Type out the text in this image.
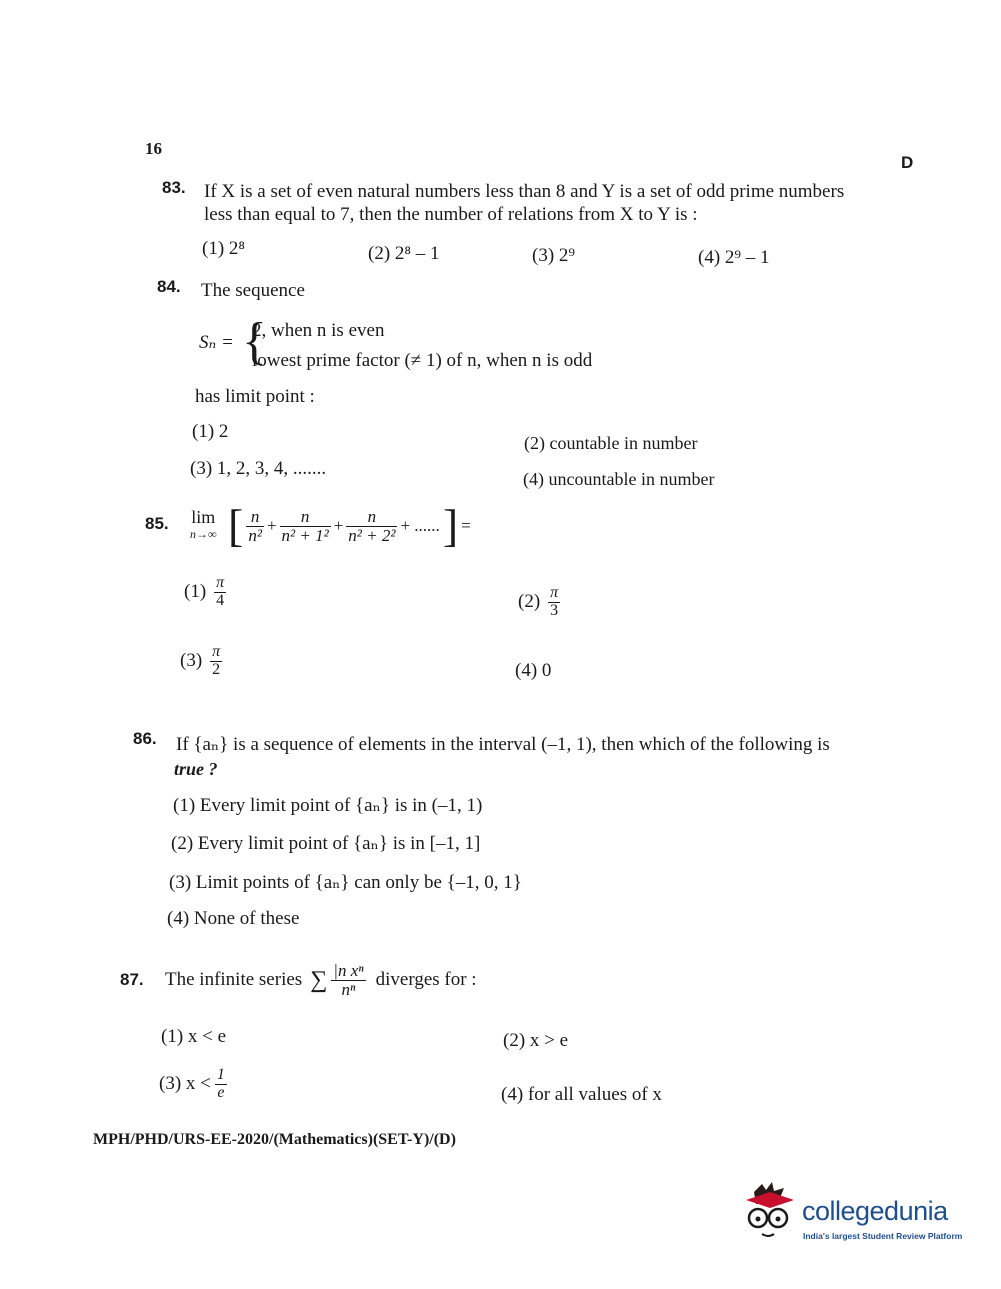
16
D
83. If X is a set of even natural numbers less than 8 and Y is a set of odd prime numbers
less than equal to 7, then the number of relations from X to Y is :
(1) 2⁸	(2) 2⁸ – 1	(3) 2⁹	(4) 2⁹ – 1
84. The sequence
Sₙ = {
2, when n is even
lowest prime factor (≠ 1) of n, when n is odd
has limit point :
(1) 2
(2) countable in number
(3) 1, 2, 3, 4, .......	(4) uncountable in number
85. lim
n→∞ [ $\frac{n}{\text{n²}} + \frac{n}{\text{n² + 1²}} + \frac{n}{\text{n² + 2²}}$ + ...... ] =
$(1) \frac{\pi}{4}$	$(2) \frac{\pi}{3}$
$(3) \frac{\pi}{2}$	(4) 0
86. If {aₙ} is a sequence of elements in the interval (–1, 1), then which of the following is
true ?
(1) Every limit point of {aₙ} is in (–1, 1)
(2) Every limit point of {aₙ} is in [–1, 1]
(3) Limit points of {aₙ} can only be {–1, 0, 1}
(4) None of these
87. The infinite series ∑ $\frac{\text{|n xⁿ}}{\text{nⁿ}}$ diverges for :
(1) x < e	(2) x > e
(3) $x < \frac{1}{e}$	(4) for all values of x
MPH/PHD/URS-EE-2020/(Mathematics)(SET-Y)/(D)
collegedunia
India's largest Student Review Platform
